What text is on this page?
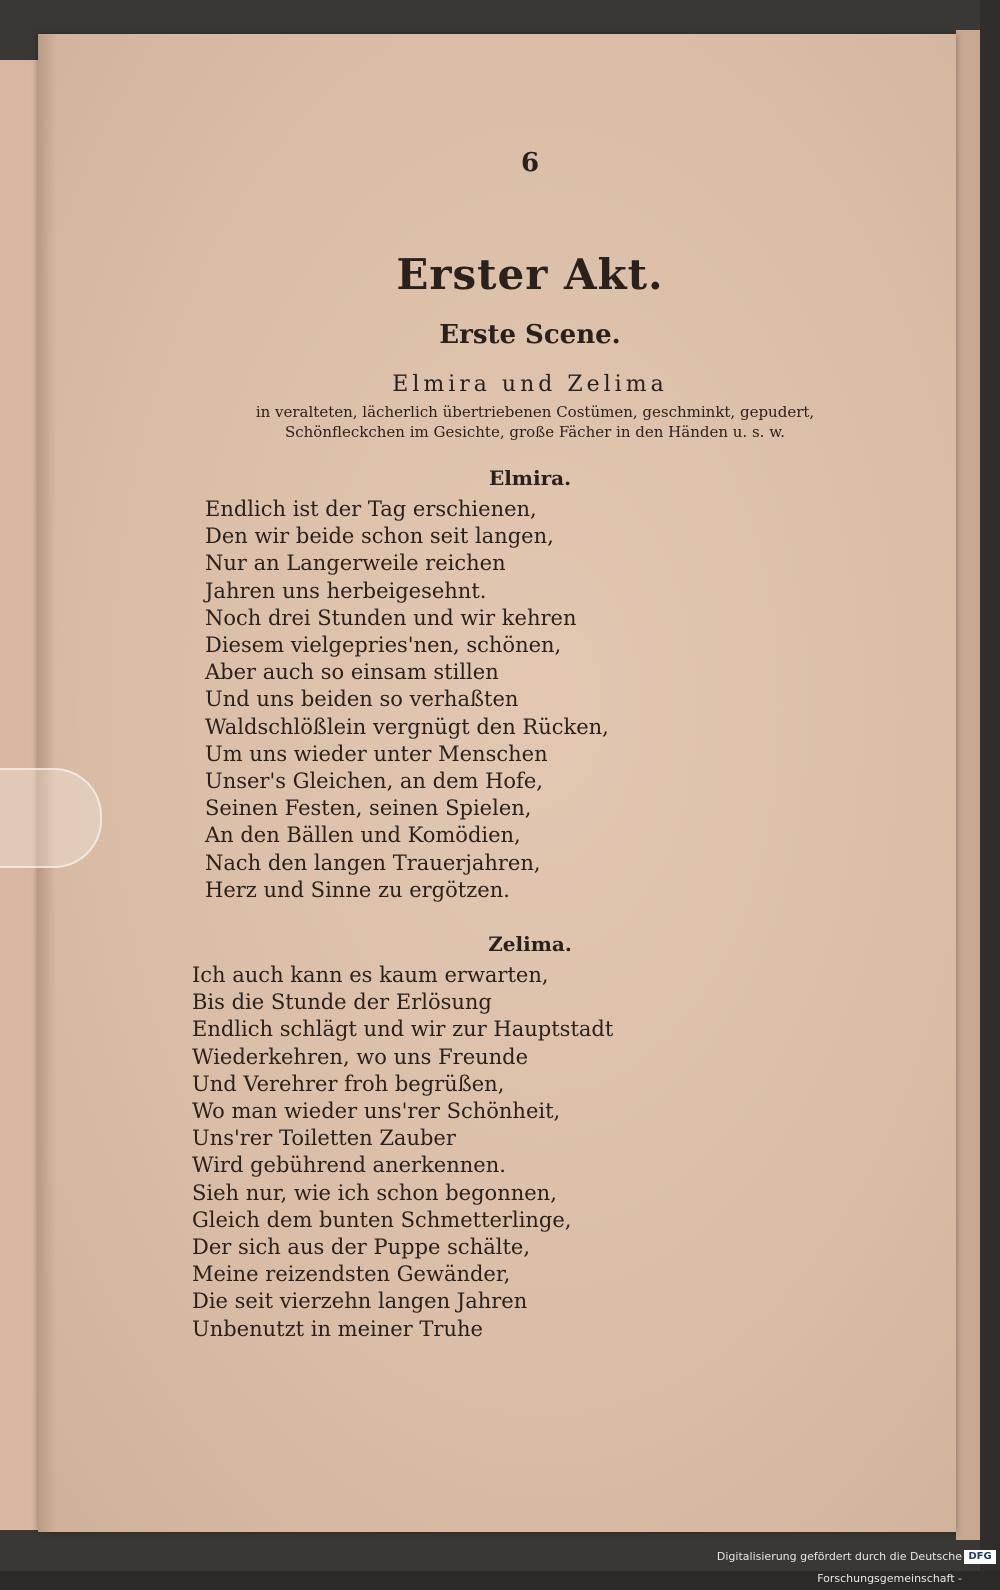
6
Erster Akt.
Erste Scene.
Elmira und Zelima
in veralteten, lächerlich übertriebenen Costümen, geschminkt, gepudert, Schönfleckchen im Gesichte, große Fächer in den Händen u. s. w.
Elmira.
Endlich ist der Tag erschienen,
Den wir beide schon seit langen,
Nur an Langerweile reichen
Jahren uns herbeigesehnt.
Noch drei Stunden und wir kehren
Diesem vielgepries'nen, schönen,
Aber auch so einsam stillen
Und uns beiden so verhaßten
Waldschlößlein vergnügt den Rücken,
Um uns wieder unter Menschen
Unser's Gleichen, an dem Hofe,
Seinen Festen, seinen Spielen,
An den Bällen und Komödien,
Nach den langen Trauerjahren,
Herz und Sinne zu ergötzen.
Zelima.
Ich auch kann es kaum erwarten,
Bis die Stunde der Erlösung
Endlich schlägt und wir zur Hauptstadt
Wiederkehren, wo uns Freunde
Und Verehrer froh begrüßen,
Wo man wieder uns'rer Schönheit,
Uns'rer Toiletten Zauber
Wird gebührend anerkennen.
Sieh nur, wie ich schon begonnen,
Gleich dem bunten Schmetterlinge,
Der sich aus der Puppe schälte,
Meine reizendsten Gewänder,
Die seit vierzehn langen Jahren
Unbenutzt in meiner Truhe
Digitalisierung gefördert durch die Deutsche Forschungsgemeinschaft -
DFG
